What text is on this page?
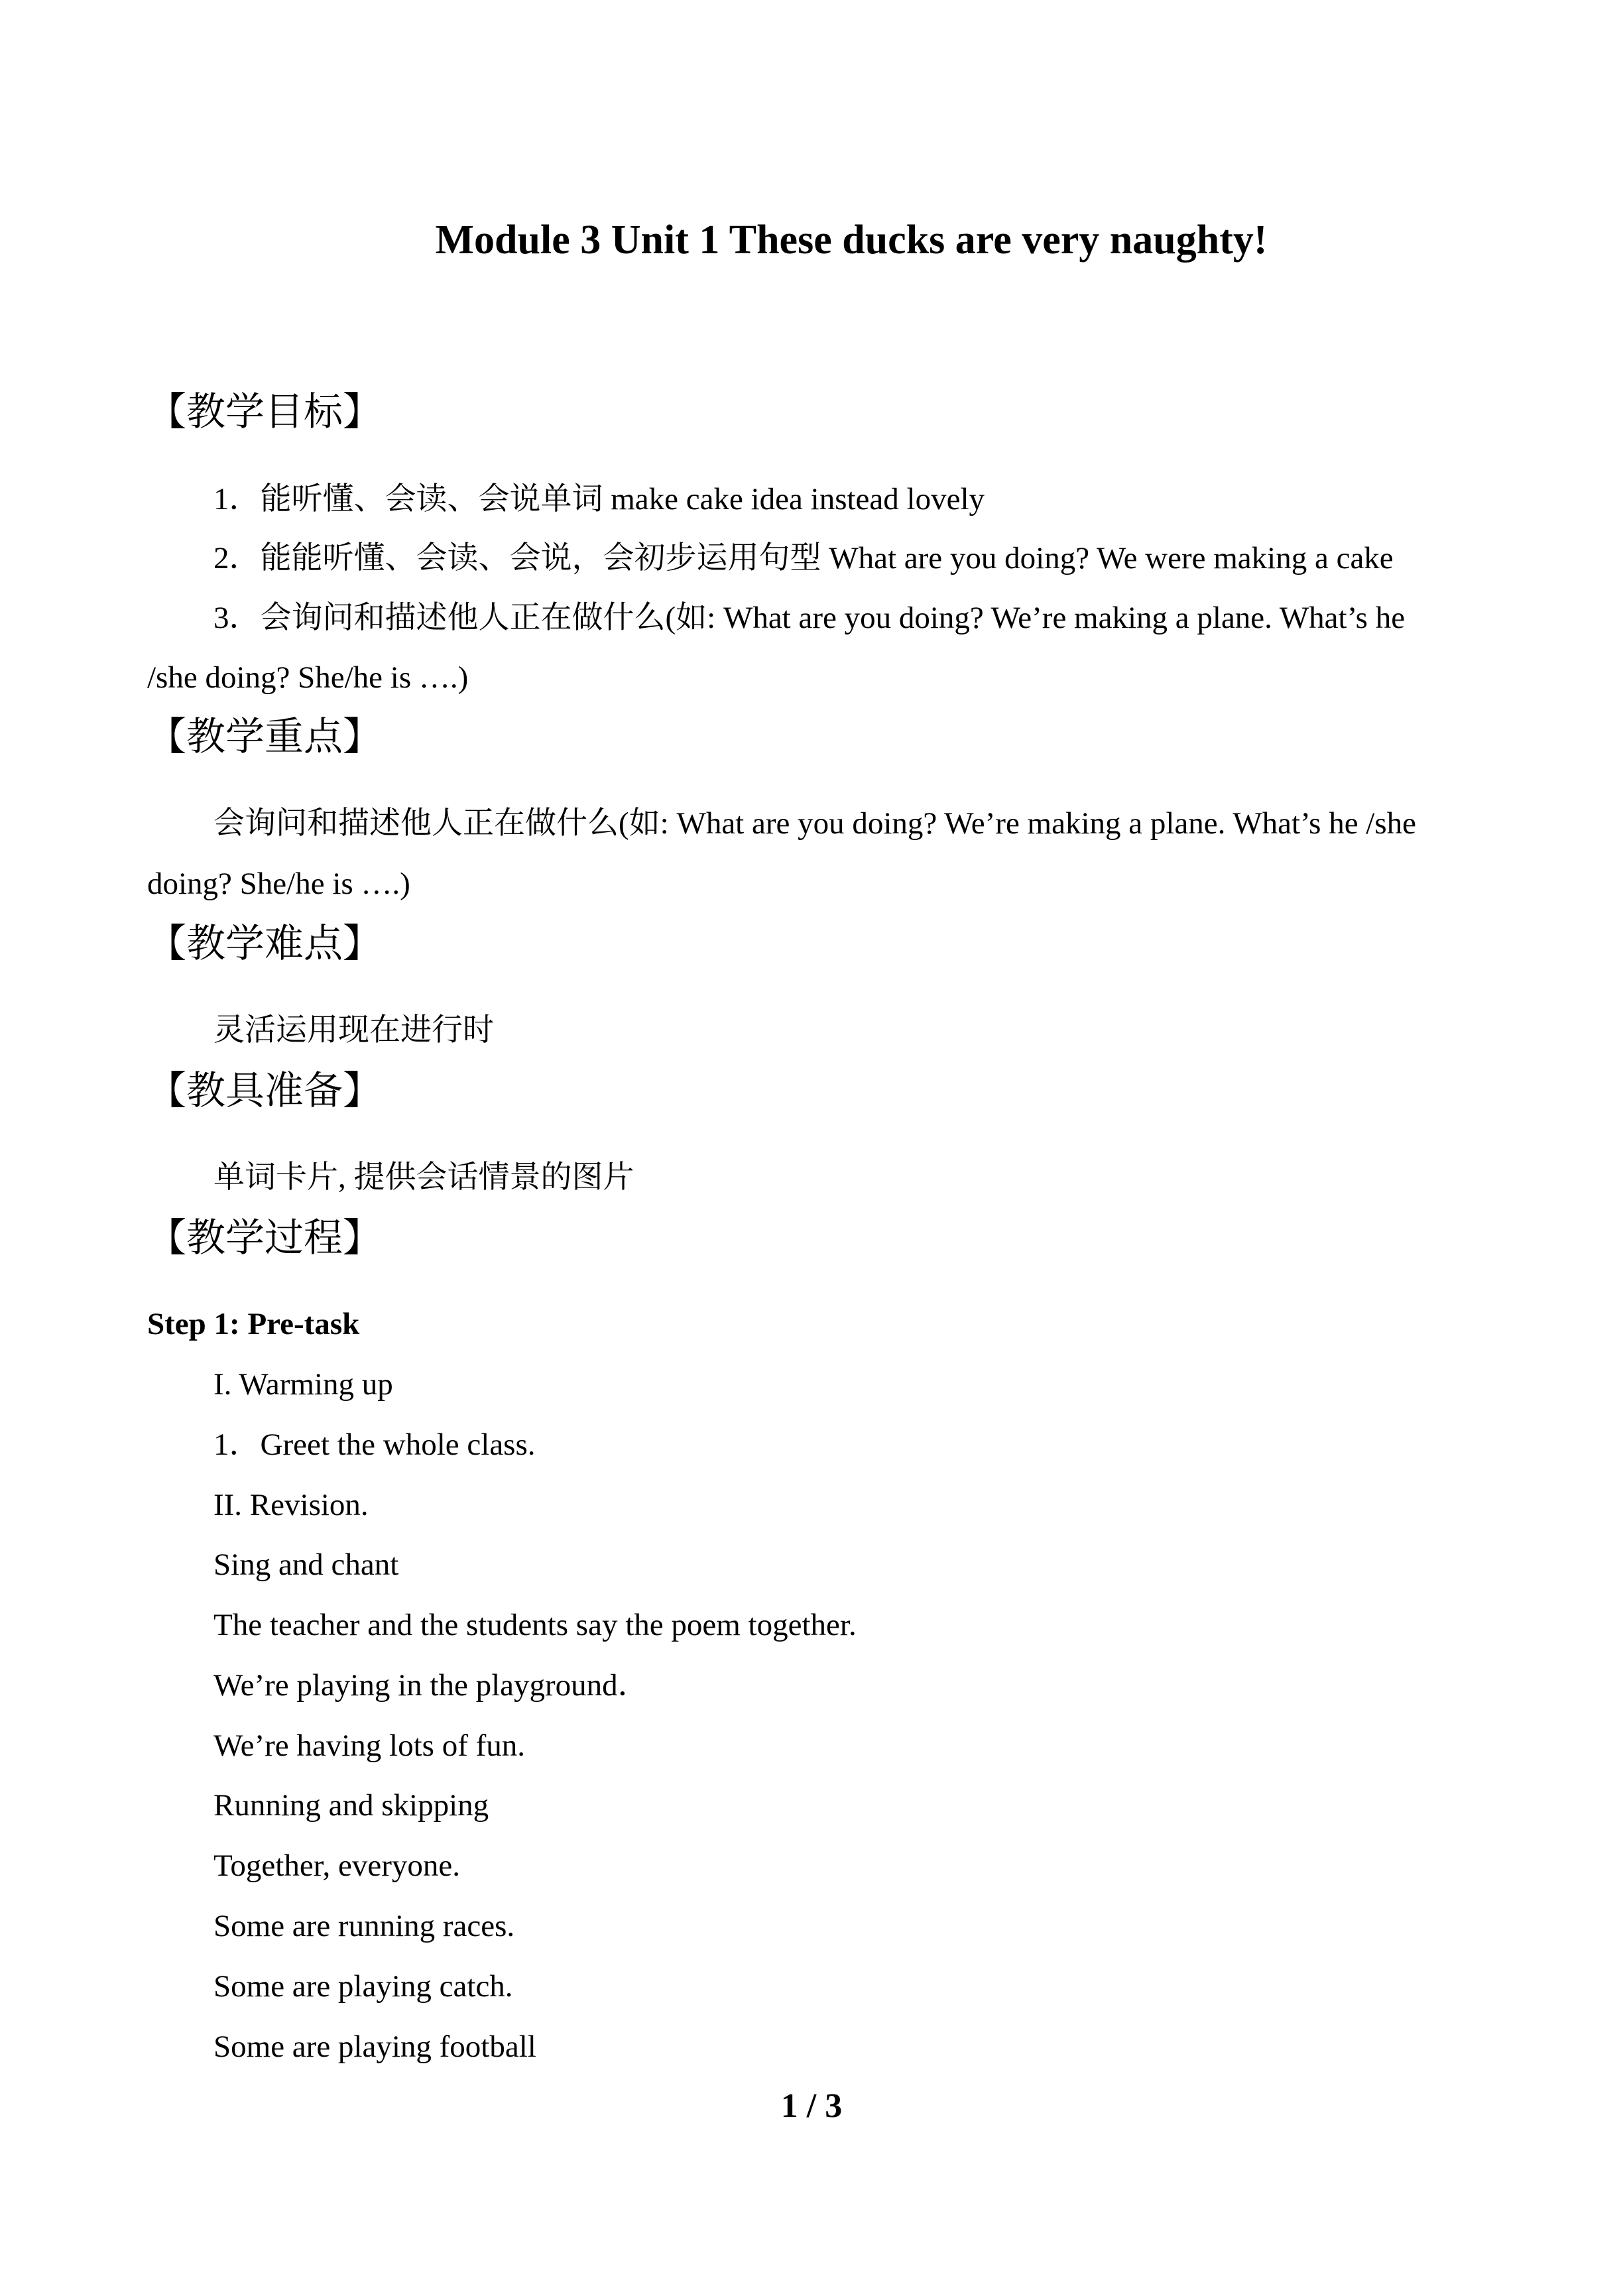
Module 3 Unit 1 These ducks are very naughty!
【教学目标】
1．能听懂、会读、会说单词 make cake idea instead lovely
2．能能听懂、会读、会说，会初步运用句型 What are you doing? We were making a cake
3．会询问和描述他人正在做什么(如: What are you doing? We’re making a plane. What’s he
/she doing? She/he is ….)
【教学重点】
会询问和描述他人正在做什么(如: What are you doing? We’re making a plane. What’s he /she
doing? She/he is ….)
【教学难点】
灵活运用现在进行时
【教具准备】
单词卡片, 提供会话情景的图片
【教学过程】
Step 1: Pre-task
I. Warming up
1．Greet the whole class.
II. Revision.
Sing and chant
The teacher and the students say the poem together.
We’re playing in the playground．
We’re having lots of fun.
Running and skipping
Together, everyone.
Some are running races.
Some are playing catch.
Some are playing football
1 / 3
